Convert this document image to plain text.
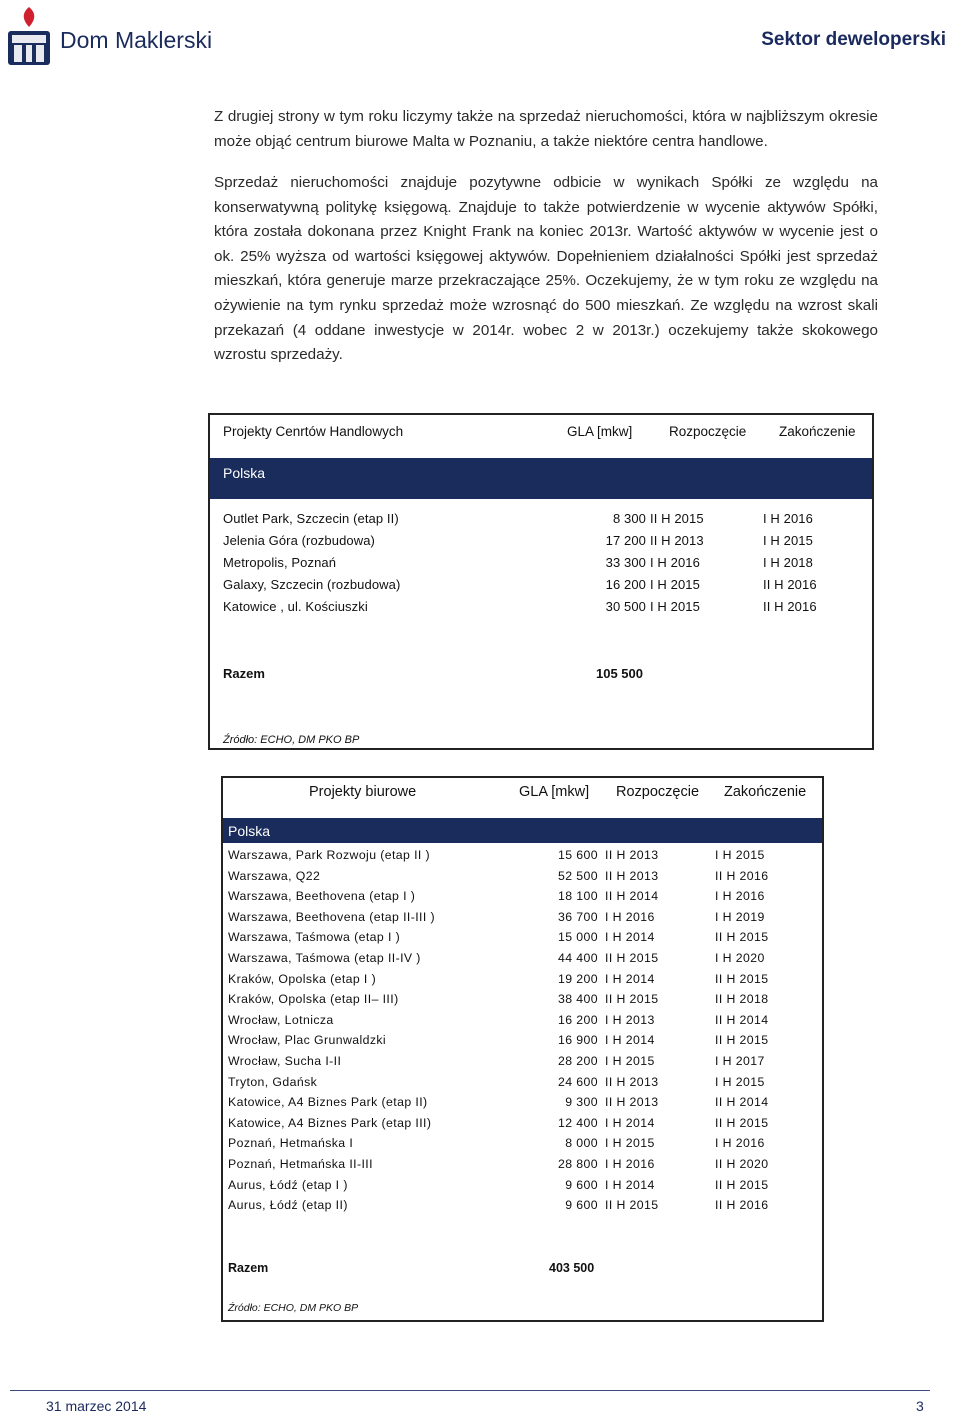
Dom Maklerski	Sektor deweloperski
Z drugiej strony w tym roku liczymy także na sprzedaż nieruchomości, która w najbliższym okresie może objąć centrum biurowe Malta w Poznaniu, a także niektóre centra handlowe.
Sprzedaż nieruchomości znajduje pozytywne odbicie w wynikach Spółki ze względu na konserwatywną politykę księgową. Znajduje to także potwierdzenie w wycenie aktywów Spółki, która została dokonana przez Knight Frank na koniec 2013r. Wartość aktywów w wycenie jest o ok. 25% wyższa od wartości księgowej aktywów. Dopełnieniem działalności Spółki jest sprzedaż mieszkań, która generuje marze przekraczające 25%. Oczekujemy, że w tym roku ze względu na ożywienie na tym rynku sprzedaż może wzrosnąć do 500 mieszkań. Ze względu na wzrost skali przekazań (4 oddane inwestycje w 2014r. wobec 2 w 2013r.) oczekujemy także skokowego wzrostu sprzedaży.
Projekty Cenrtów Handlowych	GLA [mkw]	Rozpoczęcie Zakończenie
Polska
Outlet Park, Szczecin (etap II)	8 300 II H 2015	I H 2016
Jelenia Góra (rozbudowa)	17 200 II H 2013	I H 2015
Metropolis, Poznań	33 300 I H 2016	I H 2018
Galaxy, Szczecin (rozbudowa)	16 200 I H 2015	II H 2016
Katowice , ul. Kościuszki	30 500 I H 2015	II H 2016
Razem	105 500
Źródło: ECHO, DM PKO BP
Projekty biurowe	GLA [mkw] Rozpoczęcie Zakończenie
Polska
Warszawa, Park Rozwoju (etap II )	15 600 II H 2013	I H 2015
Warszawa, Q22	52 500 II H 2013	II H 2016
Warszawa, Beethovena (etap I )	18 100 II H 2014	I H 2016
Warszawa, Beethovena (etap II-III )	36 700 I H 2016	I H 2019
Warszawa, Taśmowa (etap I )	15 000 I H 2014	II H 2015
Warszawa, Taśmowa (etap II-IV )	44 400 II H 2015	I H 2020
Kraków, Opolska (etap I )	19 200 I H 2014	II H 2015
Kraków, Opolska (etap II– III)	38 400 II H 2015	II H 2018
Wrocław, Lotnicza	16 200 I H 2013	II H 2014
Wrocław, Plac Grunwaldzki	16 900 I H 2014	II H 2015
Wrocław, Sucha I-II	28 200 I H 2015	I H 2017
Tryton, Gdańsk	24 600 II H 2013	I H 2015
Katowice, A4 Biznes Park (etap II)	9 300 II H 2013	II H 2014
Katowice, A4 Biznes Park (etap III)	12 400 I H 2014	II H 2015
Poznań, Hetmańska I	8 000 I H 2015	I H 2016
Poznań, Hetmańska II-III	28 800 I H 2016	II H 2020
Aurus, Łódź (etap I )	9 600 I H 2014	II H 2015
Aurus, Łódź (etap II)	9 600 II H 2015	II H 2016
Razem	403 500
Źródło: ECHO, DM PKO BP
31 marzec 2014	3
